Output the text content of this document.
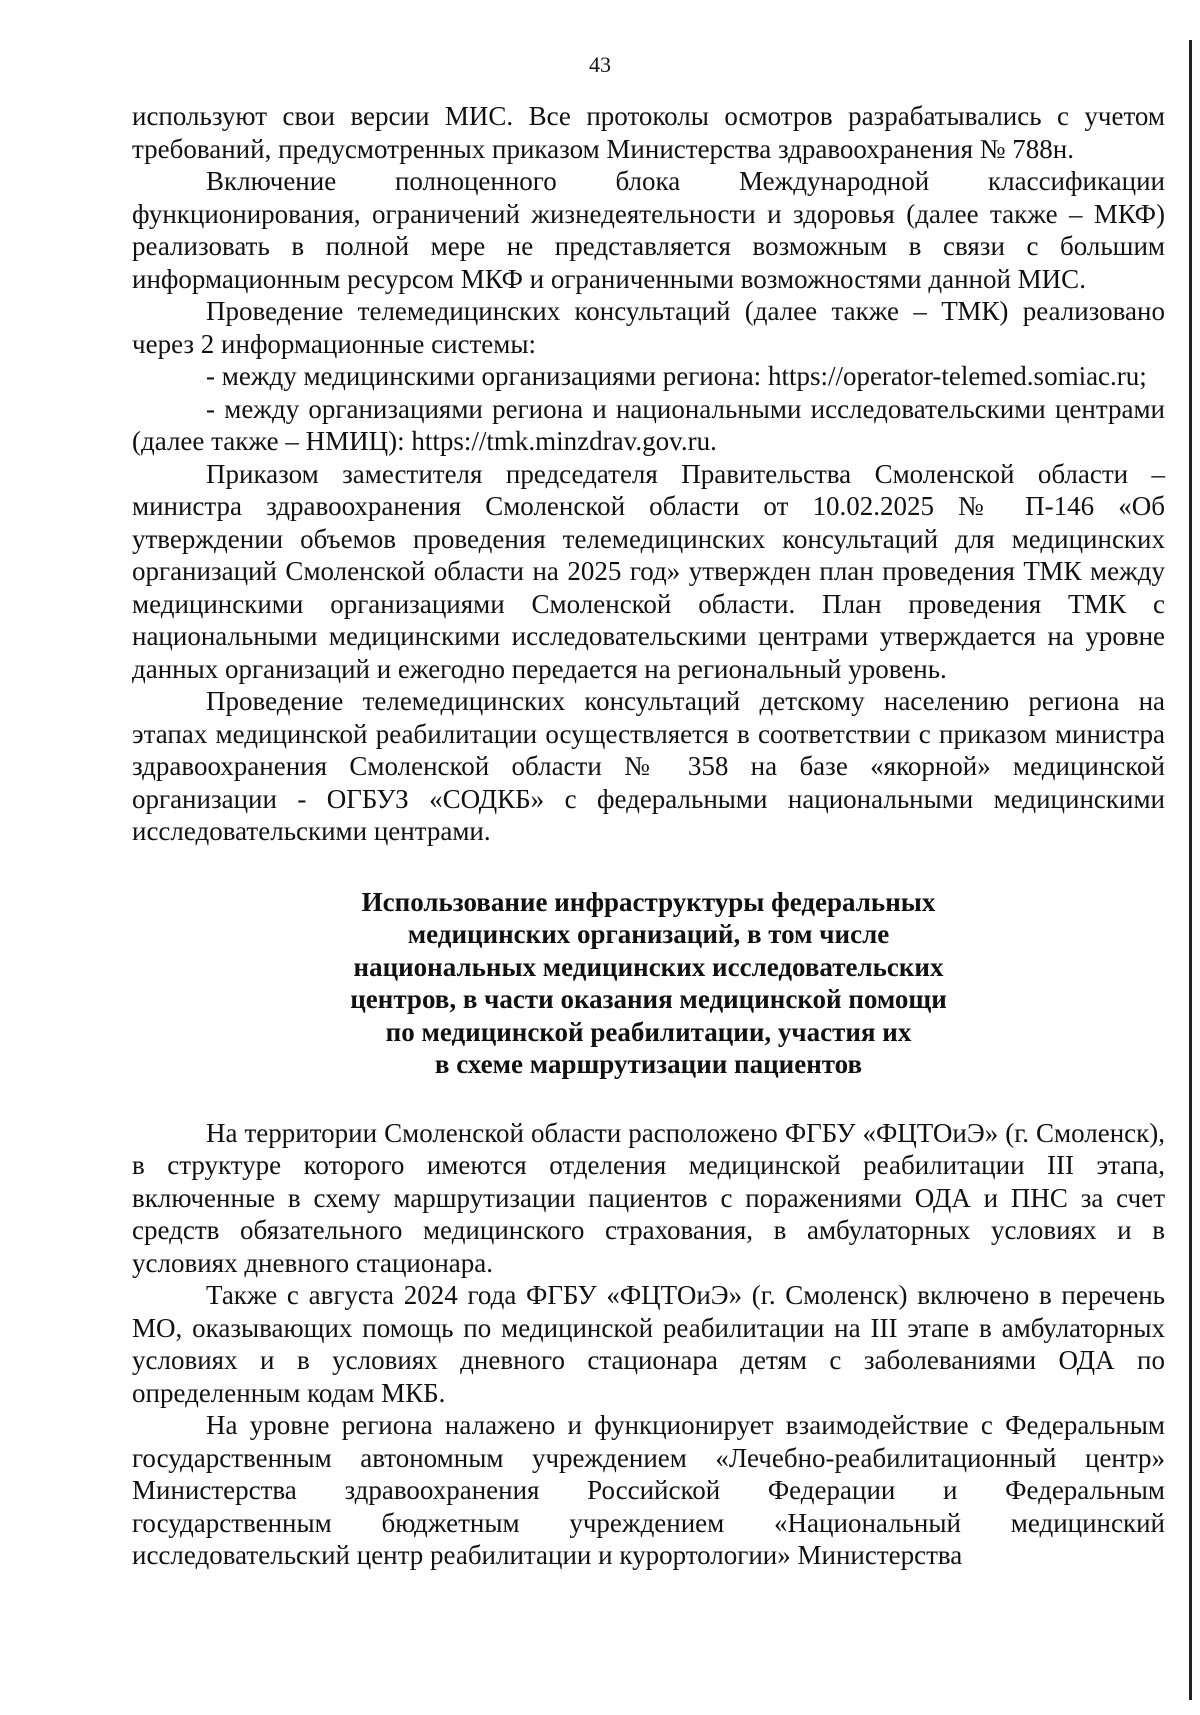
43

используют свои версии МИС. Все протоколы осмотров разрабатывались с учетом требований, предусмотренных приказом Министерства здравоохранения № 788н.

Включение полноценного блока Международной классификации функционирования, ограничений жизнедеятельности и здоровья (далее также – МКФ) реализовать в полной мере не представляется возможным в связи с большим информационным ресурсом МКФ и ограниченными возможностями данной МИС.

Проведение телемедицинских консультаций (далее также – ТМК) реализовано через 2 информационные системы:

- между медицинскими организациями региона: https://operator-telemed.somiac.ru;

- между организациями региона и национальными исследовательскими центрами (далее также – НМИЦ): https://tmk.minzdrav.gov.ru.

Приказом заместителя председателя Правительства Смоленской области – министра здравоохранения Смоленской области от 10.02.2025 № П-146 «Об утверждении объемов проведения телемедицинских консультаций для медицинских организаций Смоленской области на 2025 год» утвержден план проведения ТМК между медицинскими организациями Смоленской области. План проведения ТМК с национальными медицинскими исследовательскими центрами утверждается на уровне данных организаций и ежегодно передается на региональный уровень.

Проведение телемедицинских консультаций детскому населению региона на этапах медицинской реабилитации осуществляется в соответствии с приказом министра здравоохранения Смоленской области № 358 на базе «якорной» медицинской организации - ОГБУЗ «СОДКБ» с федеральными национальными медицинскими исследовательскими центрами.

Использование инфраструктуры федеральных
медицинских организаций, в том числе
национальных медицинских исследовательских
центров, в части оказания медицинской помощи
по медицинской реабилитации, участия их
в схеме маршрутизации пациентов

На территории Смоленской области расположено ФГБУ «ФЦТОиЭ» (г. Смоленск), в структуре которого имеются отделения медицинской реабилитации III этапа, включенные в схему маршрутизации пациентов с поражениями ОДА и ПНС за счет средств обязательного медицинского страхования, в амбулаторных условиях и в условиях дневного стационара.

Также с августа 2024 года ФГБУ «ФЦТОиЭ» (г. Смоленск) включено в перечень МО, оказывающих помощь по медицинской реабилитации на III этапе в амбулаторных условиях и в условиях дневного стационара детям с заболеваниями ОДА по определенным кодам МКБ.

На уровне региона налажено и функционирует взаимодействие с Федеральным государственным автономным учреждением «Лечебно-реабилитационный центр» Министерства здравоохранения Российской Федерации и Федеральным государственным бюджетным учреждением «Национальный медицинский исследовательский центр реабилитации и курортологии» Министерства
